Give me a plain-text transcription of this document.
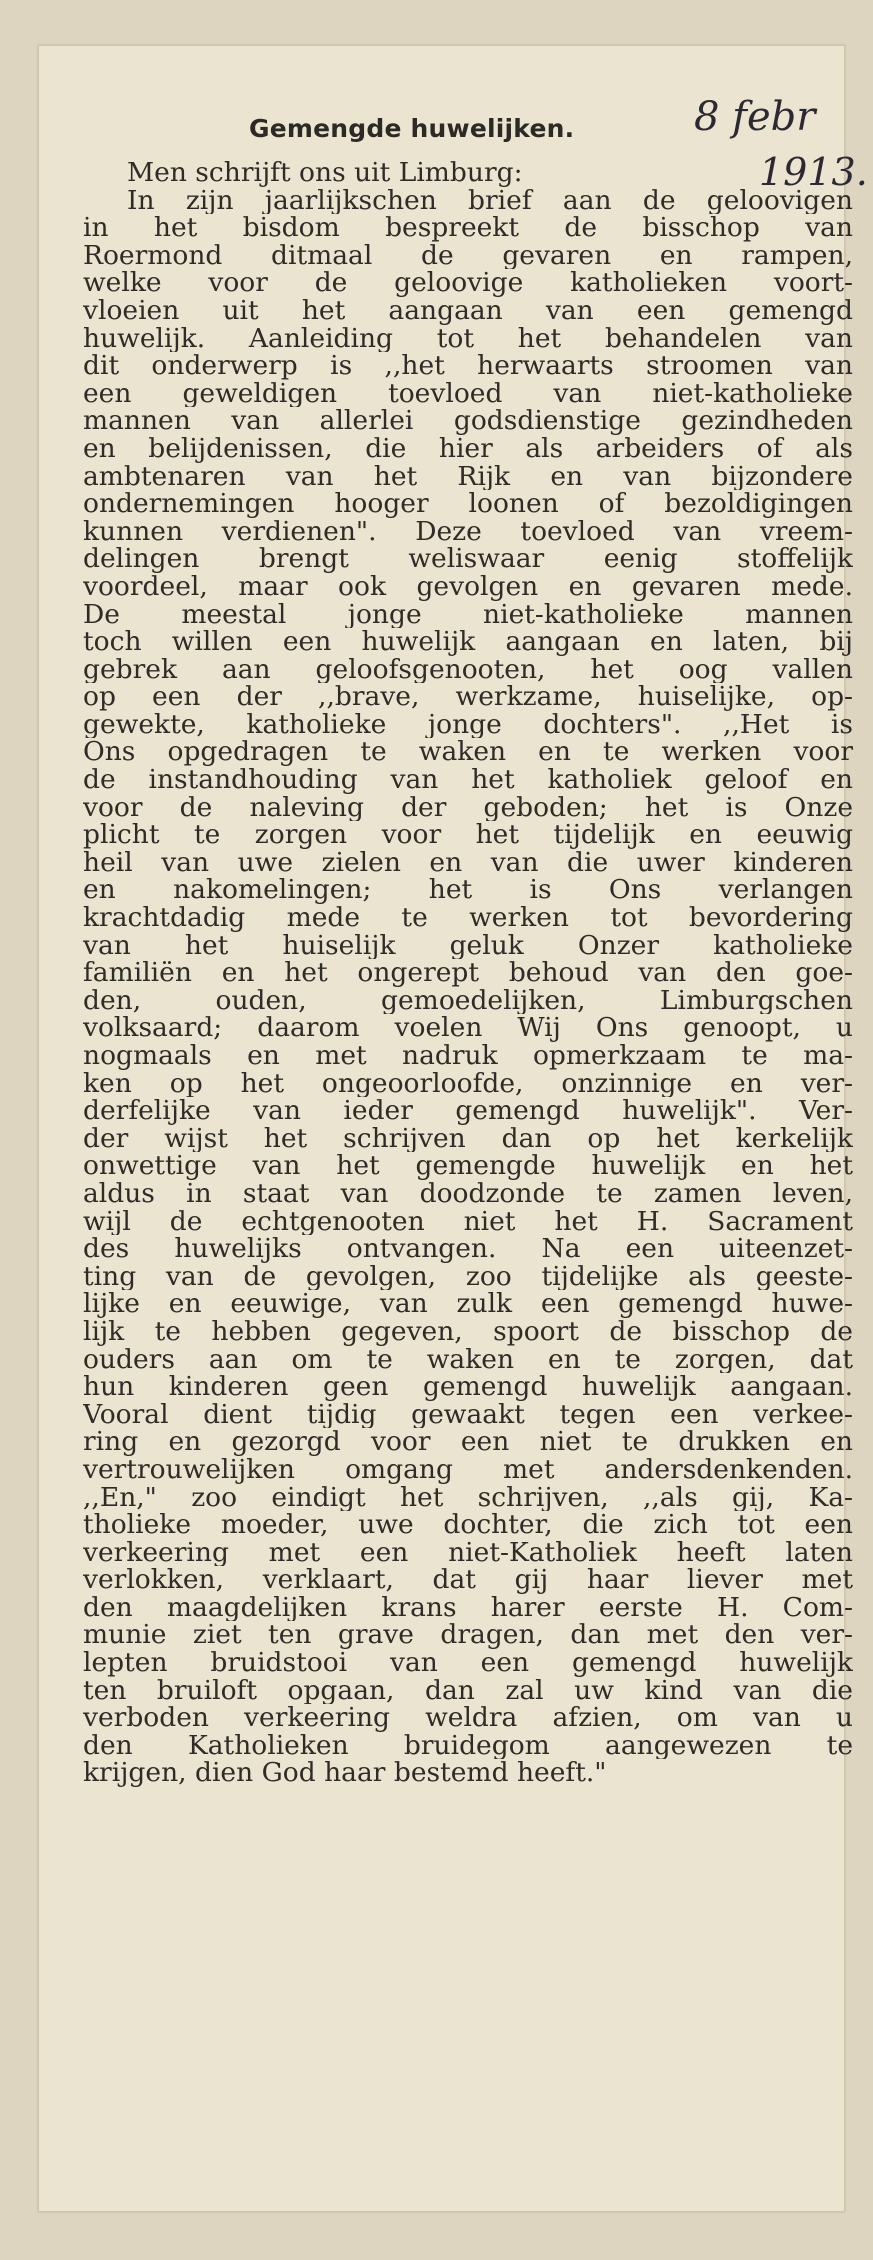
Gemengde huwelijken.	8 febr
1913.
Men schrijft ons uit Limburg:
In zijn jaarlijkschen brief aan de geloovigen
in het bisdom bespreekt de bisschop van
Roermond ditmaal de gevaren en rampen,
welke voor de geloovige katholieken voort-
vloeien uit het aangaan van een gemengd
huwelijk. Aanleiding tot het behandelen van
dit onderwerp is ,,het herwaarts stroomen van
een geweldigen toevloed van niet-katholieke
mannen van allerlei godsdienstige gezindheden
en belijdenissen, die hier als arbeiders of als
ambtenaren van het Rijk en van bijzondere
ondernemingen hooger loonen of bezoldigingen
kunnen verdienen". Deze toevloed van vreem-
delingen brengt weliswaar eenig stoffelijk
voordeel, maar ook gevolgen en gevaren mede.
De meestal jonge niet-katholieke mannen
toch willen een huwelijk aangaan en laten, bij
gebrek aan geloofsgenooten, het oog vallen
op een der ,,brave, werkzame, huiselijke, op-
gewekte, katholieke jonge dochters". ,,Het is
Ons opgedragen te waken en te werken voor
de instandhouding van het katholiek geloof en
voor de naleving der geboden; het is Onze
plicht te zorgen voor het tijdelijk en eeuwig
heil van uwe zielen en van die uwer kinderen
en nakomelingen; het is Ons verlangen
krachtdadig mede te werken tot bevordering
van het huiselijk geluk Onzer katholieke
familiën en het ongerept behoud van den goe-
den, ouden, gemoedelijken, Limburgschen
volksaard; daarom voelen Wij Ons genoopt, u
nogmaals en met nadruk opmerkzaam te ma-
ken op het ongeoorloofde, onzinnige en ver-
derfelijke van ieder gemengd huwelijk". Ver-
der wijst het schrijven dan op het kerkelijk
onwettige van het gemengde huwelijk en het
aldus in staat van doodzonde te zamen leven,
wijl de echtgenooten niet het H. Sacrament
des huwelijks ontvangen. Na een uiteenzet-
ting van de gevolgen, zoo tijdelijke als geeste-
lijke en eeuwige, van zulk een gemengd huwe-
lijk te hebben gegeven, spoort de bisschop de
ouders aan om te waken en te zorgen, dat
hun kinderen geen gemengd huwelijk aangaan.
Vooral dient tijdig gewaakt tegen een verkee-
ring en gezorgd voor een niet te drukken en
vertrouwelijken omgang met andersdenkenden.
,,En," zoo eindigt het schrijven, ,,als gij, Ka-
tholieke moeder, uwe dochter, die zich tot een
verkeering met een niet-Katholiek heeft laten
verlokken, verklaart, dat gij haar liever met
den maagdelijken krans harer eerste H. Com-
munie ziet ten grave dragen, dan met den ver-
lepten bruidstooi van een gemengd huwelijk
ten bruiloft opgaan, dan zal uw kind van die
verboden verkeering weldra afzien, om van u
den Katholieken bruidegom aangewezen te
krijgen, dien God haar bestemd heeft."
